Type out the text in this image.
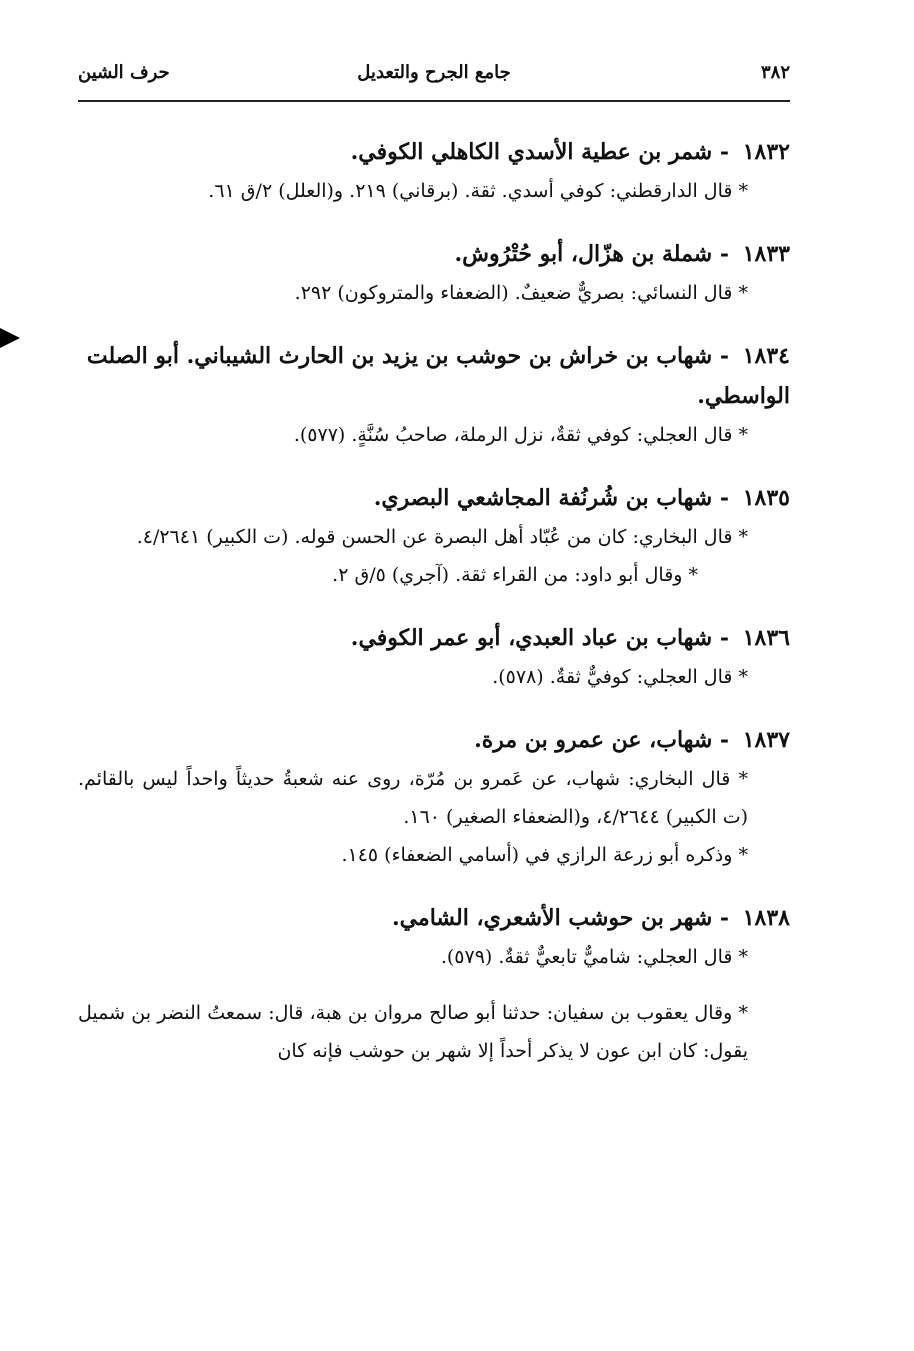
٣٨٢
جامع الجرح والتعديل
حرف الشين

١٨٣٢ - شمر بن عطية الأسدي الكاهلي الكوفي.

* قال الدارقطني: كوفي أسدي. ثقة. (برقاني) ٢١٩. و(العلل) ٢/ق ٦١.

١٨٣٣ - شملة بن هزّال، أبو حُتْرُوش.

* قال النسائي: بصريٌّ ضعيفٌ. (الضعفاء والمتروكون) ٢٩٢.

١٨٣٤ - شهاب بن خراش بن حوشب بن يزيد بن الحارث الشيباني. أبو الصلت الواسطي.

* قال العجلي: كوفي ثقةٌ، نزل الرملة، صاحبُ سُنَّةٍ. (٥٧٧).

١٨٣٥ - شهاب بن شُرنُفة المجاشعي البصري.

* قال البخاري: كان من عُبّاد أهل البصرة عن الحسن قوله. (ت الكبير) ٤/٢٦٤١.

* وقال أبو داود: من القراء ثقة. (آجري) ٥/ق ٢.

١٨٣٦ - شهاب بن عباد العبدي، أبو عمر الكوفي.

* قال العجلي: كوفيٌّ ثقةٌ. (٥٧٨).

١٨٣٧ - شهاب، عن عمرو بن مرة.

* قال البخاري: شهاب، عن عَمرو بن مُرّة، روى عنه شعبةُ حديثاً واحداً ليس بالقائم. (ت الكبير) ٤/٢٦٤٤، و(الضعفاء الصغير) ١٦٠.

* وذكره أبو زرعة الرازي في (أسامي الضعفاء) ١٤٥.

١٨٣٨ - شهر بن حوشب الأشعري، الشامي.

* قال العجلي: شاميٌّ تابعيٌّ ثقةٌ. (٥٧٩).

* وقال يعقوب بن سفيان: حدثنا أبو صالح مروان بن هبة، قال: سمعتُ النضر بن شميل يقول: كان ابن عون لا يذكر أحداً إلا شهر بن حوشب فإنه كان
